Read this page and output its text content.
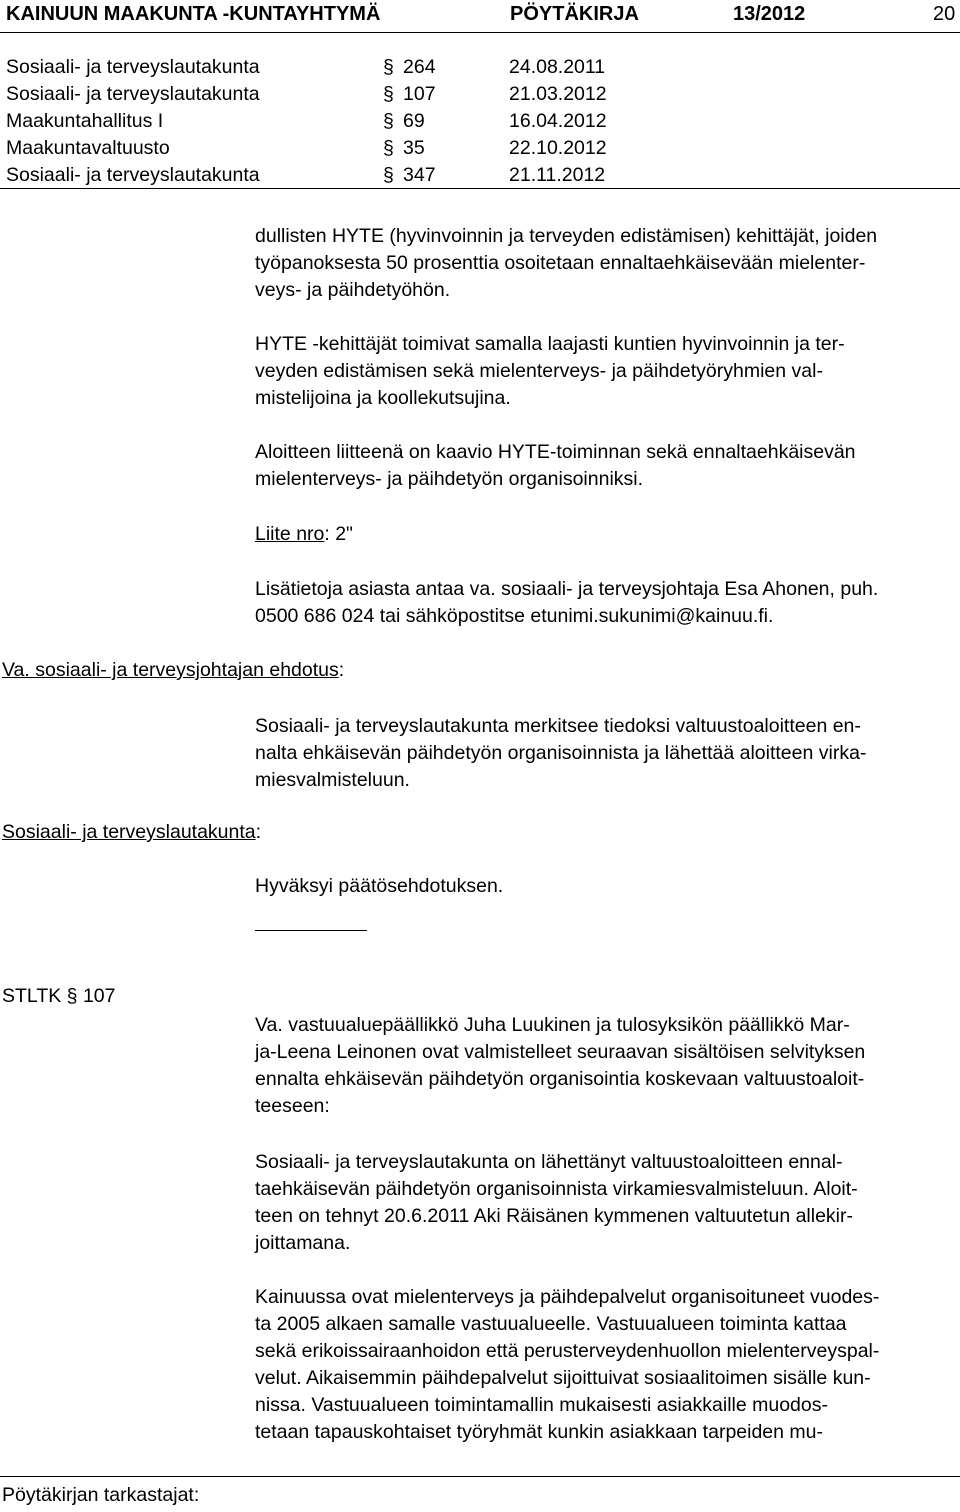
KAINUUN MAAKUNTA -KUNTAYHTYMÄ	PÖYTÄKIRJA	13/2012	20
Sosiaali- ja terveyslautakunta	§ 264	24.08.2011
Sosiaali- ja terveyslautakunta	§ 107	21.03.2012
Maakuntahallitus I	§ 69	16.04.2012
Maakuntavaltuusto	§ 35	22.10.2012
Sosiaali- ja terveyslautakunta	§ 347	21.11.2012
dullisten HYTE (hyvinvoinnin ja terveyden edistämisen) kehittäjät, joiden
työpanoksesta 50 prosenttia osoitetaan ennaltaehkäisevään mielenter-
veys- ja päihdetyöhön.
HYTE -kehittäjät toimivat samalla laajasti kuntien hyvinvoinnin ja ter-
veyden edistämisen sekä mielenterveys- ja päihdetyöryhmien val-
mistelijoina ja koollekutsujina.
Aloitteen liitteenä on kaavio HYTE-toiminnan sekä ennaltaehkäisevän
mielenterveys- ja päihdetyön organisoinniksi.
Liite nro: 2"
Lisätietoja asiasta antaa va. sosiaali- ja terveysjohtaja Esa Ahonen, puh.
0500 686 024 tai sähköpostitse etunimi.sukunimi@kainuu.fi.
Va. sosiaali- ja terveysjohtajan ehdotus:
Sosiaali- ja terveyslautakunta merkitsee tiedoksi valtuustoaloitteen en-
nalta ehkäisevän päihdetyön organisoinnista ja lähettää aloitteen virka-
miesvalmisteluun.
Sosiaali- ja terveyslautakunta:
Hyväksyi päätösehdotuksen.
STLTK § 107
Va. vastuualuepäällikkö Juha Luukinen ja tulosyksikön päällikkö Mar-
ja-Leena Leinonen ovat valmistelleet seuraavan sisältöisen selvityksen
ennalta ehkäisevän päihdetyön organisointia koskevaan valtuustoaloit-
teeseen:
Sosiaali- ja terveyslautakunta on lähettänyt valtuustoaloitteen ennal-
taehkäisevän päihdetyön organisoinnista virkamiesvalmisteluun. Aloit-
teen on tehnyt 20.6.2011 Aki Räisänen kymmenen valtuutetun allekir-
joittamana.
Kainuussa ovat mielenterveys ja päihdepalvelut organisoituneet vuodes-
ta 2005 alkaen samalle vastuualueelle. Vastuualueen toiminta kattaa
sekä erikoissairaanhoidon että perusterveydenhuollon mielenterveyspal-
velut. Aikaisemmin päihdepalvelut sijoittuivat sosiaalitoimen sisälle kun-
nissa. Vastuualueen toimintamallin mukaisesti asiakkaille muodos-
tetaan tapauskohtaiset työryhmät kunkin asiakkaan tarpeiden mu-
Pöytäkirjan tarkastajat:
